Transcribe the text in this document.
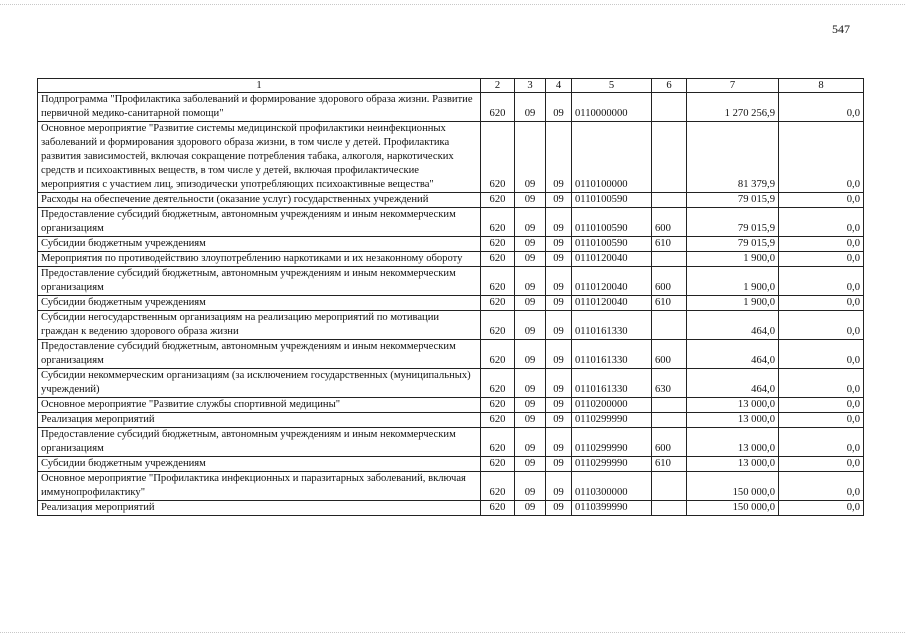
547
1	2	3	4	5	6	7	8
Подпрограмма "Профилактика заболеваний и формирование здорового образа жизни. Развитие первичной медико-санитарной помощи"	620	09	09	0110000000		1 270 256,9	0,0
Основное мероприятие "Развитие системы медицинской профилактики неинфекционных заболеваний и формирования здорового образа жизни, в том числе у детей. Профилактика развития зависимостей, включая сокращение потребления табака, алкоголя, наркотических средств и психоактивных веществ, в том числе у детей, включая профилактические мероприятия с участием лиц, эпизодически употребляющих психоактивные вещества"	620	09	09	0110100000		81 379,9	0,0
Расходы на обеспечение деятельности (оказание услуг) государственных учреждений	620	09	09	0110100590		79 015,9	0,0
Предоставление субсидий бюджетным, автономным учреждениям и иным некоммерческим организациям	620	09	09	0110100590	600	79 015,9	0,0
Субсидии бюджетным учреждениям	620	09	09	0110100590	610	79 015,9	0,0
Мероприятия по противодействию злоупотреблению наркотиками и их незаконному обороту	620	09	09	0110120040		1 900,0	0,0
Предоставление субсидий бюджетным, автономным учреждениям и иным некоммерческим организациям	620	09	09	0110120040	600	1 900,0	0,0
Субсидии бюджетным учреждениям	620	09	09	0110120040	610	1 900,0	0,0
Субсидии негосударственным организациям на реализацию мероприятий по мотивации граждан к ведению здорового образа жизни	620	09	09	0110161330		464,0	0,0
Предоставление субсидий бюджетным, автономным учреждениям и иным некоммерческим организациям	620	09	09	0110161330	600	464,0	0,0
Субсидии некоммерческим организациям (за исключением государственных (муниципальных) учреждений)	620	09	09	0110161330	630	464,0	0,0
Основное мероприятие "Развитие службы спортивной медицины"	620	09	09	0110200000		13 000,0	0,0
Реализация мероприятий	620	09	09	0110299990		13 000,0	0,0
Предоставление субсидий бюджетным, автономным учреждениям и иным некоммерческим организациям	620	09	09	0110299990	600	13 000,0	0,0
Субсидии бюджетным учреждениям	620	09	09	0110299990	610	13 000,0	0,0
Основное мероприятие "Профилактика инфекционных и паразитарных заболеваний, включая иммунопрофилактику"	620	09	09	0110300000		150 000,0	0,0
Реализация мероприятий	620	09	09	0110399990		150 000,0	0,0
